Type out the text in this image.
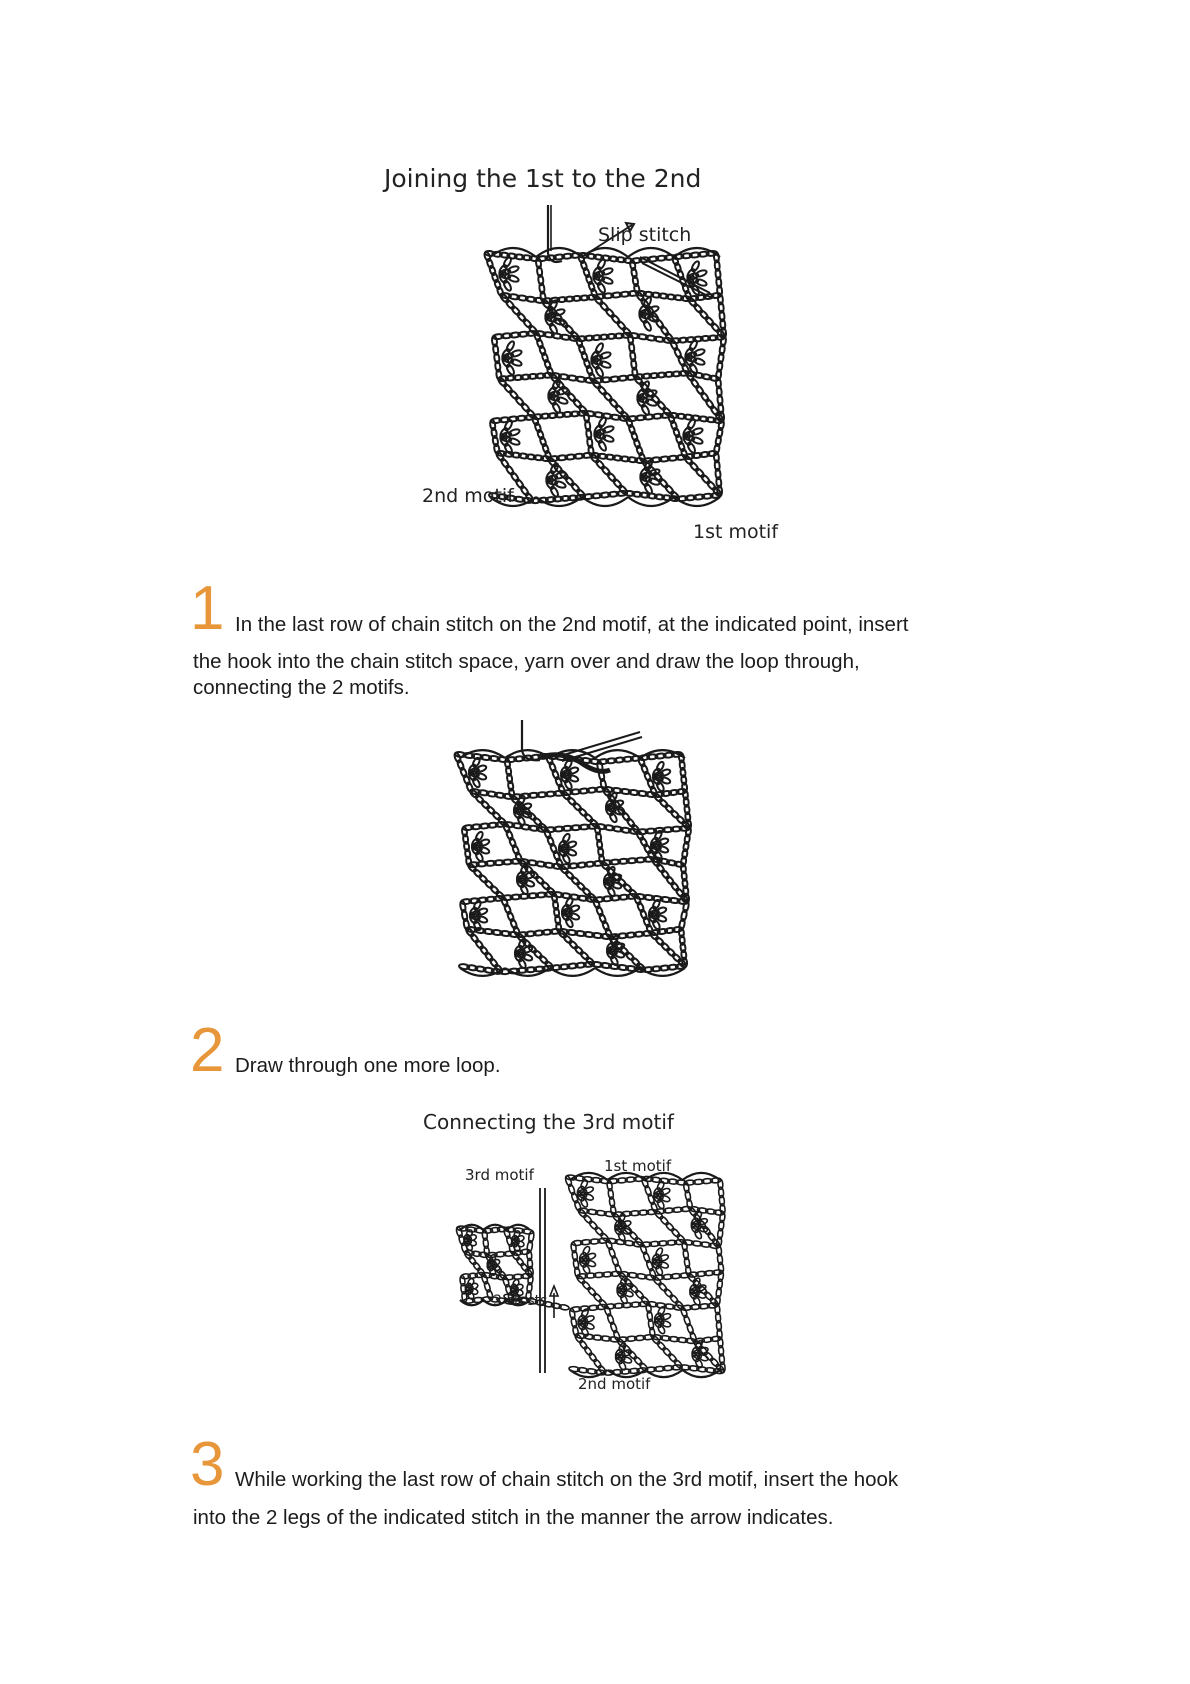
Joining the 1st to the 2nd
Slip stitch
2nd motif
1st motif
1 In the last row of chain stitch on the 2nd motif, at the indicated point, insert
the hook into the chain stitch space, yarn over and draw the loop through,
connecting the 2 motifs.
2 Draw through one more loop.
Connecting the 3rd motif
3rd motif	1st motif
3 ch sts
2nd motif
3 While working the last row of chain stitch on the 3rd motif, insert the hook
into the 2 legs of the indicated stitch in the manner the arrow indicates.
